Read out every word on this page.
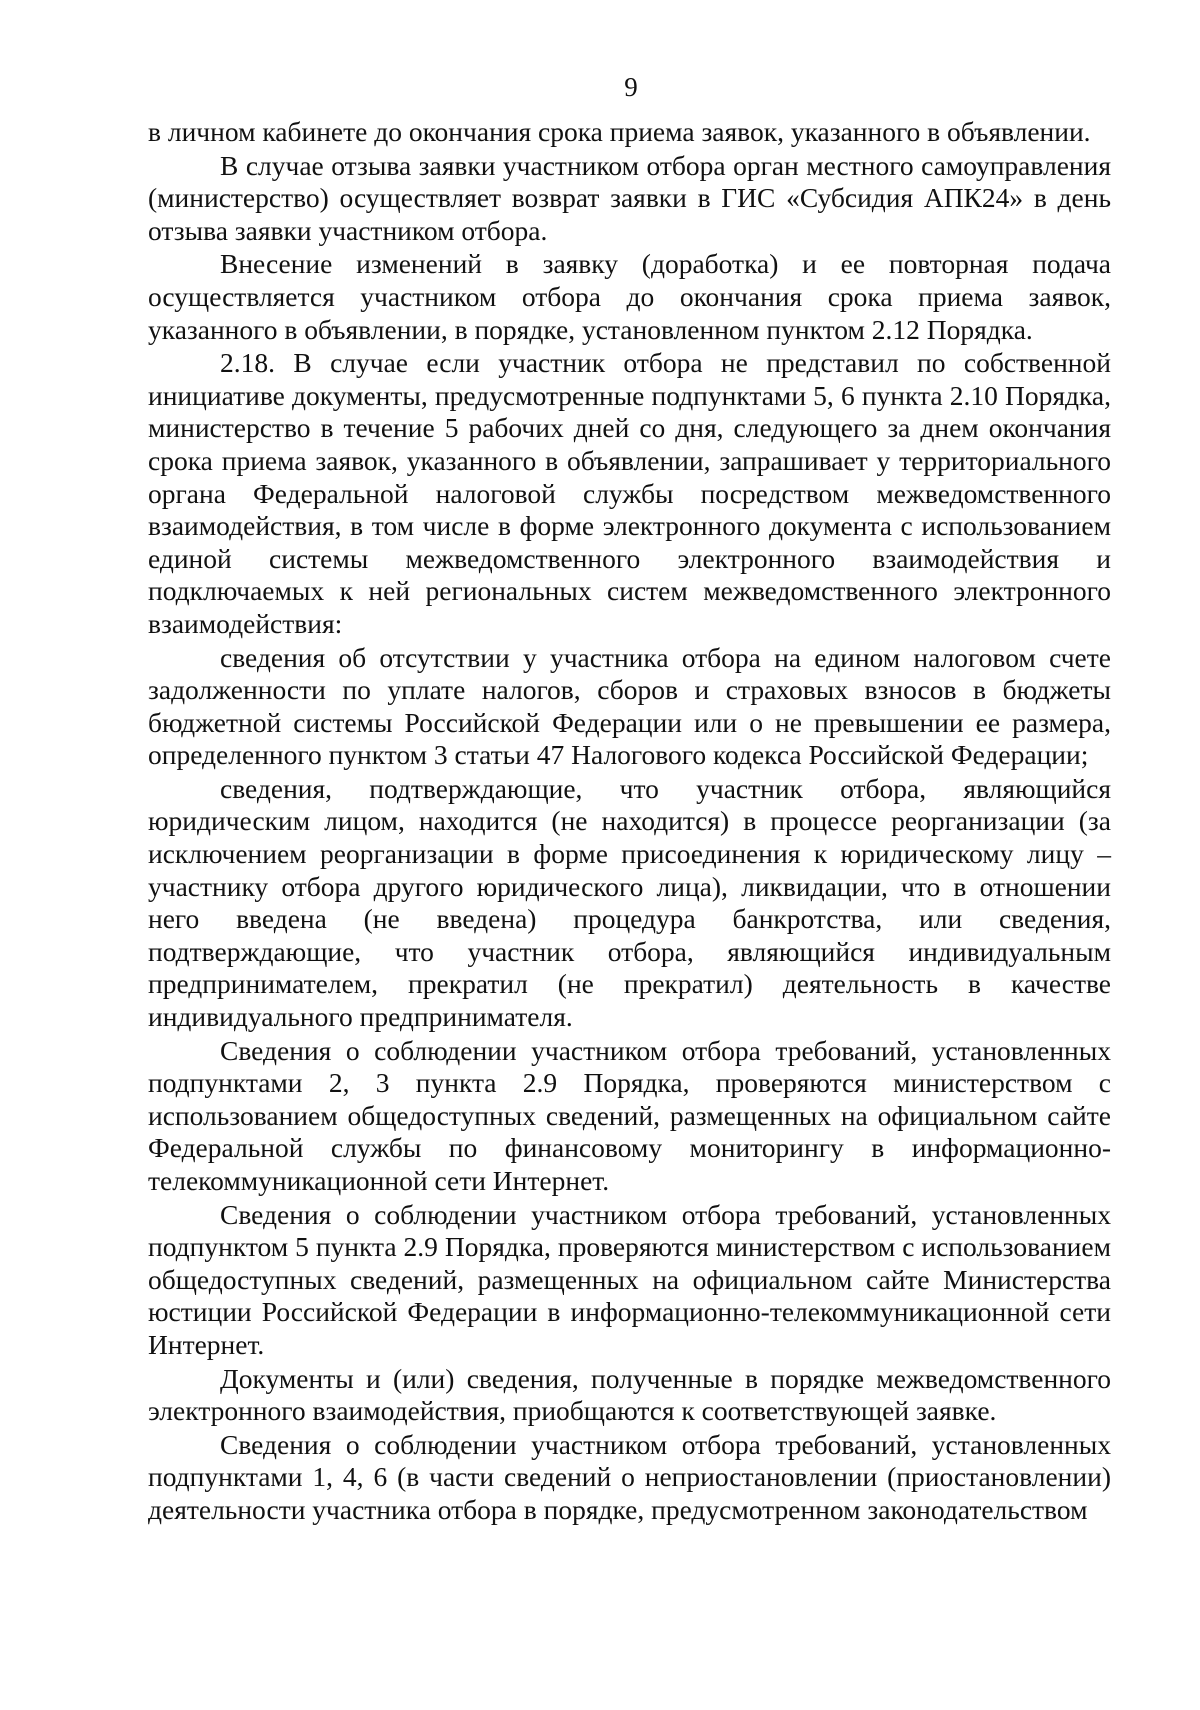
9

в личном кабинете до окончания срока приема заявок, указанного в объявлении.

В случае отзыва заявки участником отбора орган местного самоуправления (министерство) осуществляет возврат заявки в ГИС «Субсидия АПК24» в день отзыва заявки участником отбора.

Внесение изменений в заявку (доработка) и ее повторная подача осуществляется участником отбора до окончания срока приема заявок, указанного в объявлении, в порядке, установленном пунктом 2.12 Порядка.

2.18. В случае если участник отбора не представил по собственной инициативе документы, предусмотренные подпунктами 5, 6 пункта 2.10 Порядка, министерство в течение 5 рабочих дней со дня, следующего за днем окончания срока приема заявок, указанного в объявлении, запрашивает у территориального органа Федеральной налоговой службы посредством межведомственного взаимодействия, в том числе в форме электронного документа с использованием единой системы межведомственного электронного взаимодействия и подключаемых к ней региональных систем межведомственного электронного взаимодействия:

сведения об отсутствии у участника отбора на едином налоговом счете задолженности по уплате налогов, сборов и страховых взносов в бюджеты бюджетной системы Российской Федерации или о не превышении ее размера, определенного пунктом 3 статьи 47 Налогового кодекса Российской Федерации;

сведения, подтверждающие, что участник отбора, являющийся юридическим лицом, находится (не находится) в процессе реорганизации (за исключением реорганизации в форме присоединения к юридическому лицу – участнику отбора другого юридического лица), ликвидации, что в отношении него введена (не введена) процедура банкротства, или сведения, подтверждающие, что участник отбора, являющийся индивидуальным предпринимателем, прекратил (не прекратил) деятельность в качестве индивидуального предпринимателя.

Сведения о соблюдении участником отбора требований, установленных подпунктами 2, 3 пункта 2.9 Порядка, проверяются министерством с использованием общедоступных сведений, размещенных на официальном сайте Федеральной службы по финансовому мониторингу в информационно-телекоммуникационной сети Интернет.

Сведения о соблюдении участником отбора требований, установленных подпунктом 5 пункта 2.9 Порядка, проверяются министерством с использованием общедоступных сведений, размещенных на официальном сайте Министерства юстиции Российской Федерации в информационно-телекоммуникационной сети Интернет.

Документы и (или) сведения, полученные в порядке межведомственного электронного взаимодействия, приобщаются к соответствующей заявке.

Сведения о соблюдении участником отбора требований, установленных подпунктами 1, 4, 6 (в части сведений о неприостановлении (приостановлении) деятельности участника отбора в порядке, предусмотренном законодательством
